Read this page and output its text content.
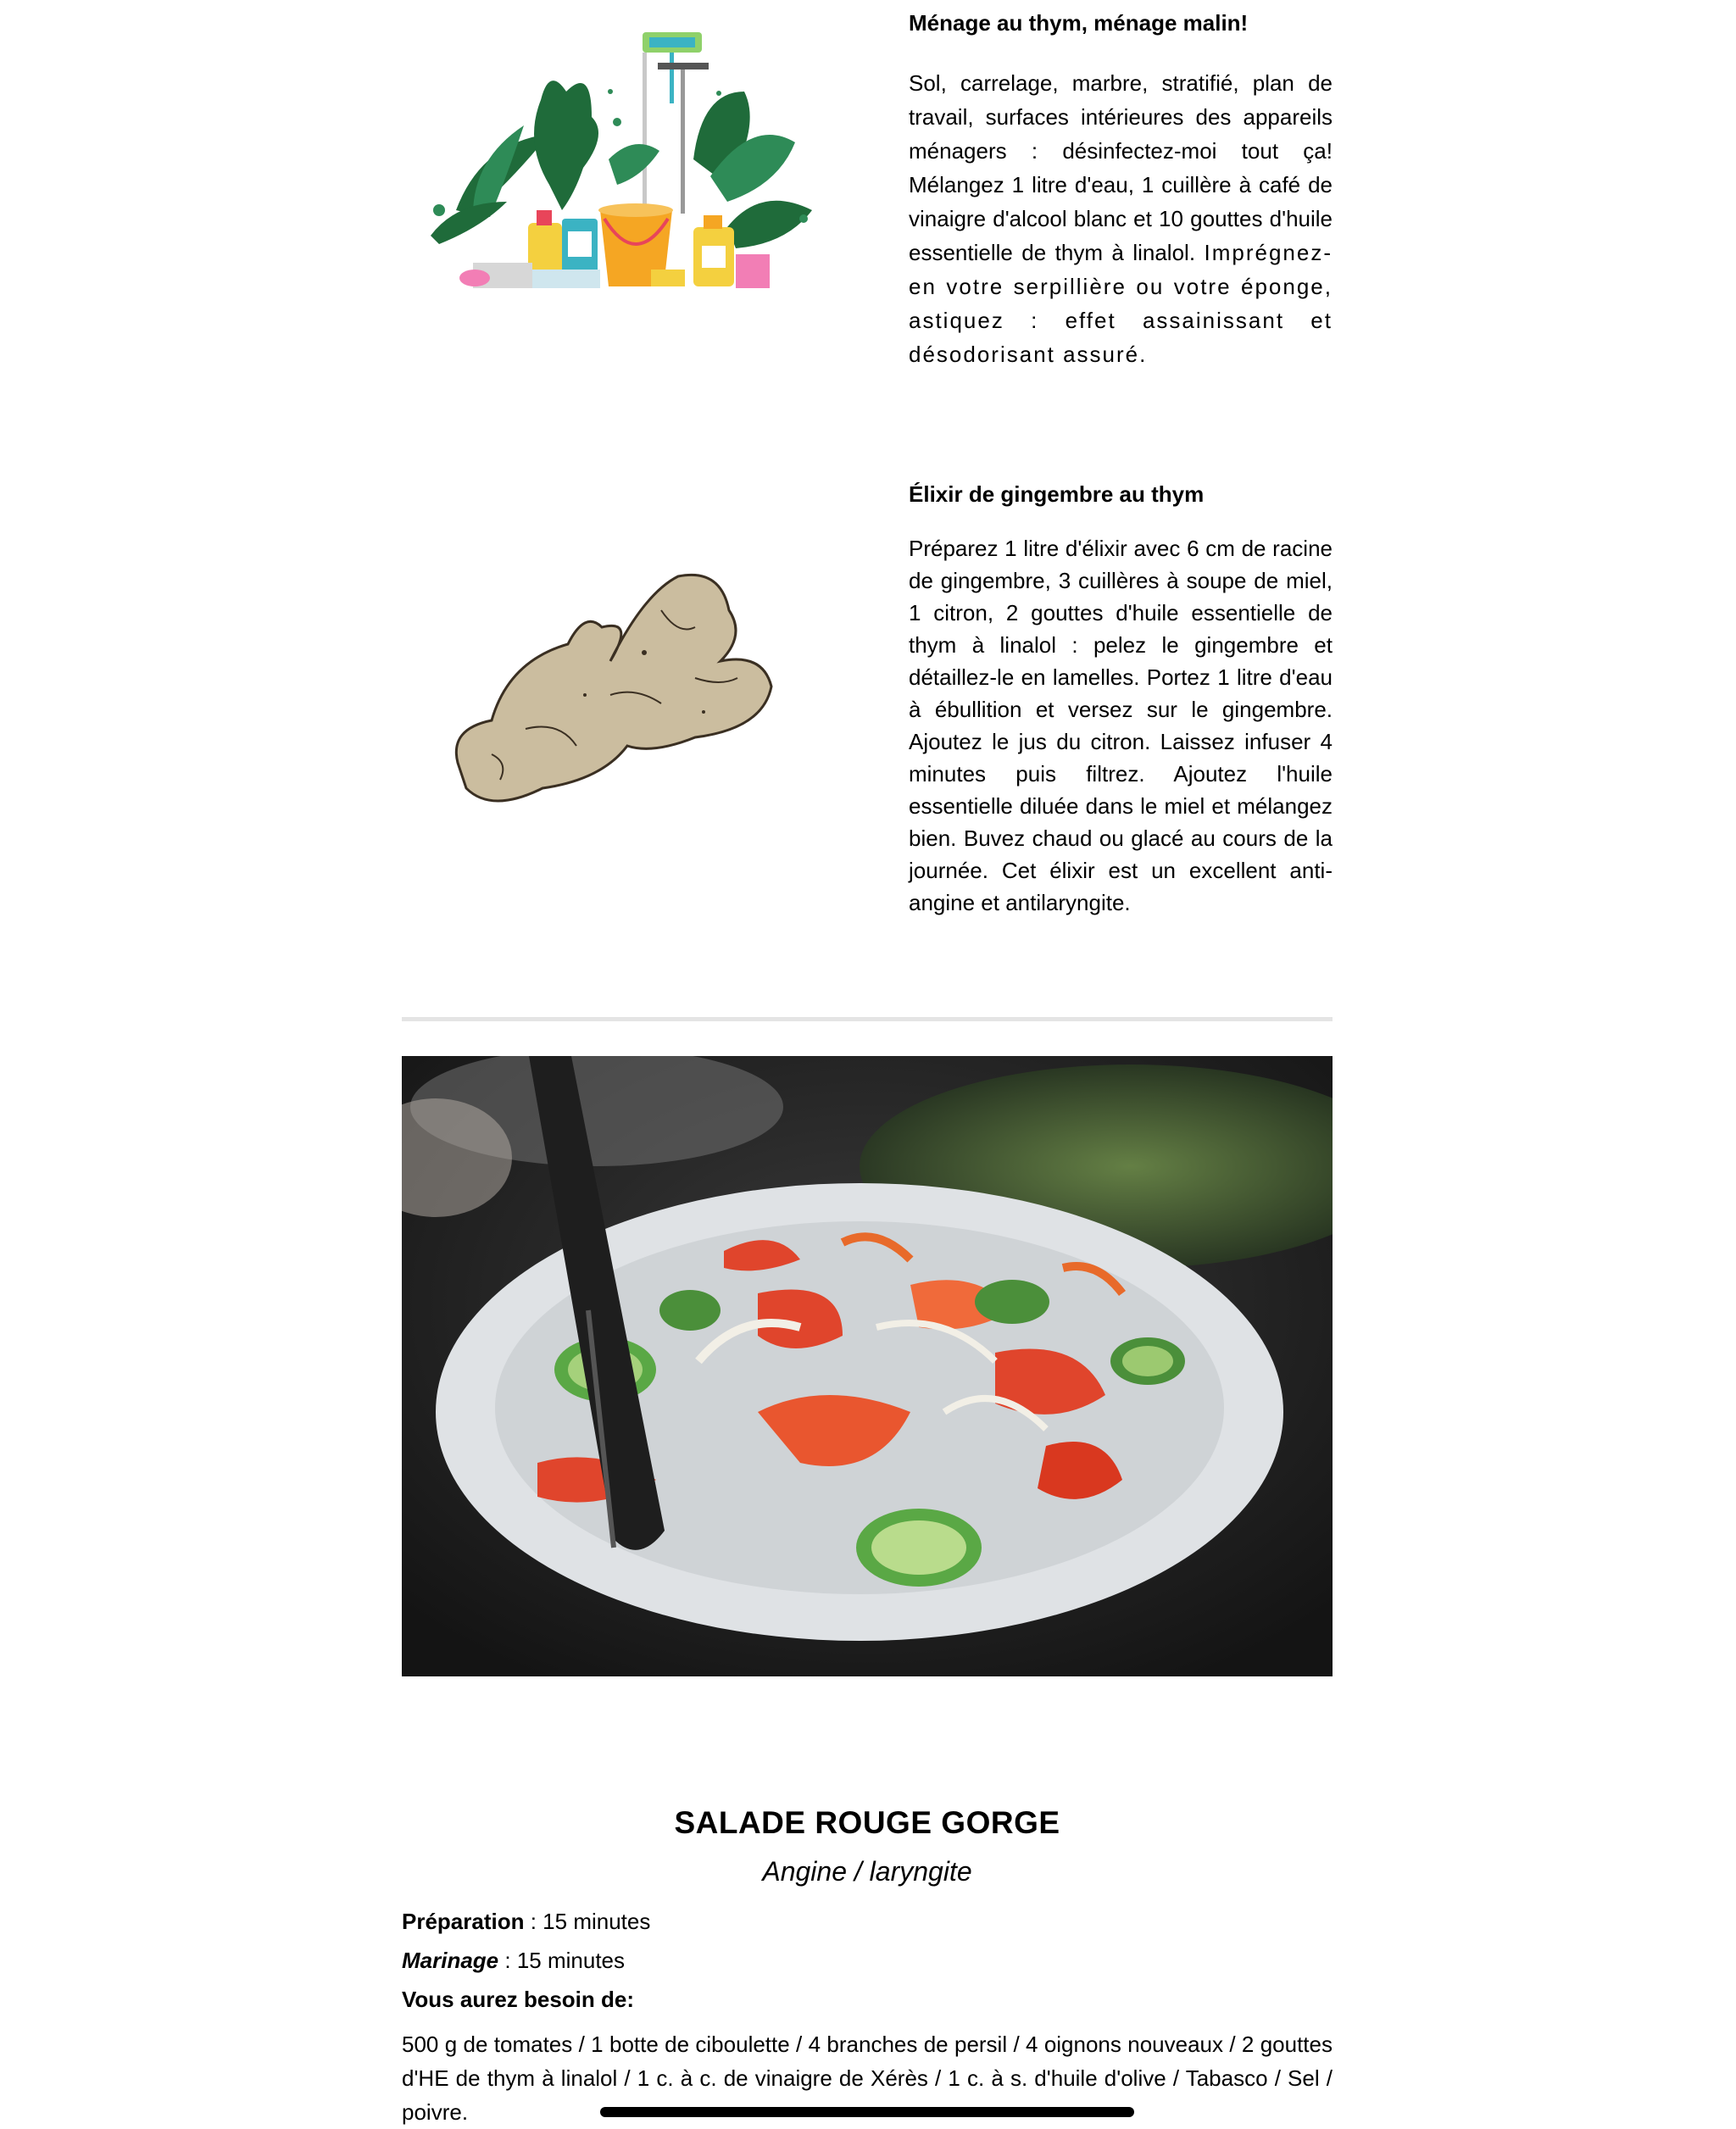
Ménage au thym, ménage malin!

Sol, carrelage, marbre, stratifié, plan de travail, surfaces intérieures des appareils ménagers : désinfectez-moi tout ça! Mélangez 1 litre d'eau, 1 cuillère à café de vinaigre d'alcool blanc et 10 gouttes d'huile essentielle de thym à linalol. Imprégnez-en votre serpillière ou votre éponge, astiquez : effet assainissant et désodorisant assuré.

Élixir de gingembre au thym

Préparez 1 litre d'élixir avec 6 cm de racine de gingembre, 3 cuillères à soupe de miel, 1 citron, 2 gouttes d'huile essentielle de thym à linalol : pelez le gingembre et détaillez-le en lamelles. Portez 1 litre d'eau à ébullition et versez sur le gingembre. Ajoutez le jus du citron. Laissez infuser 4 minutes puis filtrez. Ajoutez l'huile essentielle diluée dans le miel et mélangez bien. Buvez chaud ou glacé au cours de la journée. Cet élixir est un excellent anti-angine et antilaryngite.

SALADE ROUGE GORGE

Angine / laryngite

Préparation : 15 minutes

Marinage : 15 minutes

Vous aurez besoin de:

500 g de tomates / 1 botte de ciboulette / 4 branches de persil / 4 oignons nouveaux / 2 gouttes d'HE de thym à linalol / 1 c. à c. de vinaigre de Xérès / 1 c. à s. d'huile d'olive / Tabasco / Sel / poivre.
